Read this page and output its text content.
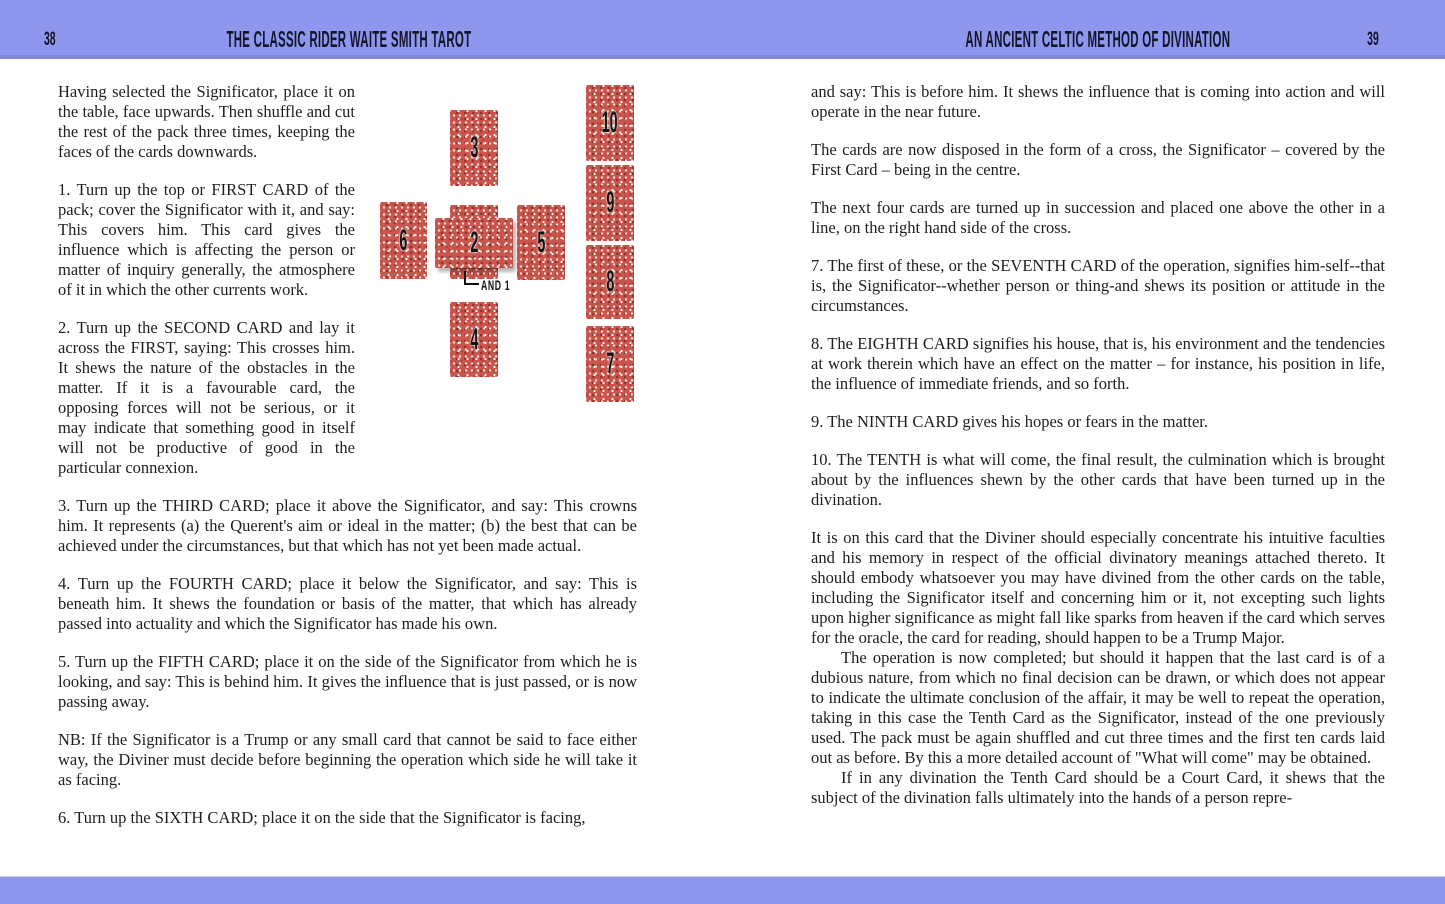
38	THE CLASSIC RIDER WAITE SMITH TAROT	AN ANCIENT CELTIC METHOD OF DIVINATION	39
3
6	5
4
2
10
9
8
7
AND 1

Having selected the Significator, place it on the table, face upwards. Then shuffle and cut the rest of the pack three times, keeping the faces of the cards downwards.

1. Turn up the top or FIRST CARD of the pack; cover the Significator with it, and say: This covers him. This card gives the influence which is affecting the person or matter of inquiry generally, the atmosphere of it in which the other currents work.

2. Turn up the SECOND CARD and lay it across the FIRST, saying: This crosses him. It shews the nature of the obstacles in the matter. If it is a favourable card, the opposing forces will not be serious, or it may indicate that something good in itself will not be productive of good in the particular connexion.

3. Turn up the THIRD CARD; place it above the Significator, and say: This crowns him. It represents (a) the Querent's aim or ideal in the matter; (b) the best that can be achieved under the circumstances, but that which has not yet been made actual.

4. Turn up the FOURTH CARD; place it below the Significator, and say: This is beneath him. It shews the foundation or basis of the matter, that which has already passed into actuality and which the Significator has made his own.

5. Turn up the FIFTH CARD; place it on the side of the Significator from which he is looking, and say: This is behind him. It gives the influence that is just passed, or is now passing away.

NB: If the Significator is a Trump or any small card that cannot be said to face either way, the Diviner must decide before beginning the operation which side he will take it as facing.

6. Turn up the SIXTH CARD; place it on the side that the Significator is facing,

and say: This is before him. It shews the influence that is coming into action and will operate in the near future.

The cards are now disposed in the form of a cross, the Significator – covered by the First Card – being in the centre.

The next four cards are turned up in succession and placed one above the other in a line, on the right hand side of the cross.

7. The first of these, or the SEVENTH CARD of the operation, signifies him-self--that is, the Significator--whether person or thing-and shews its position or attitude in the circumstances.

8. The EIGHTH CARD signifies his house, that is, his environment and the tendencies at work therein which have an effect on the matter – for instance, his position in life, the influence of immediate friends, and so forth.

9. The NINTH CARD gives his hopes or fears in the matter.

10. The TENTH is what will come, the final result, the culmination which is brought about by the influences shewn by the other cards that have been turned up in the divination.

It is on this card that the Diviner should especially concentrate his intuitive faculties and his memory in respect of the official divinatory meanings attached thereto. It should embody whatsoever you may have divined from the other cards on the table, including the Significator itself and concerning him or it, not excepting such lights upon higher significance as might fall like sparks from heaven if the card which serves for the oracle, the card for reading, should happen to be a Trump Major.

The operation is now completed; but should it happen that the last card is of a dubious nature, from which no final decision can be drawn, or which does not appear to indicate the ultimate conclusion of the affair, it may be well to repeat the operation, taking in this case the Tenth Card as the Significator, instead of the one previously used. The pack must be again shuffled and cut three times and the first ten cards laid out as before. By this a more detailed account of "What will come" may be obtained.

If in any divination the Tenth Card should be a Court Card, it shews that the subject of the divination falls ultimately into the hands of a person repre-
